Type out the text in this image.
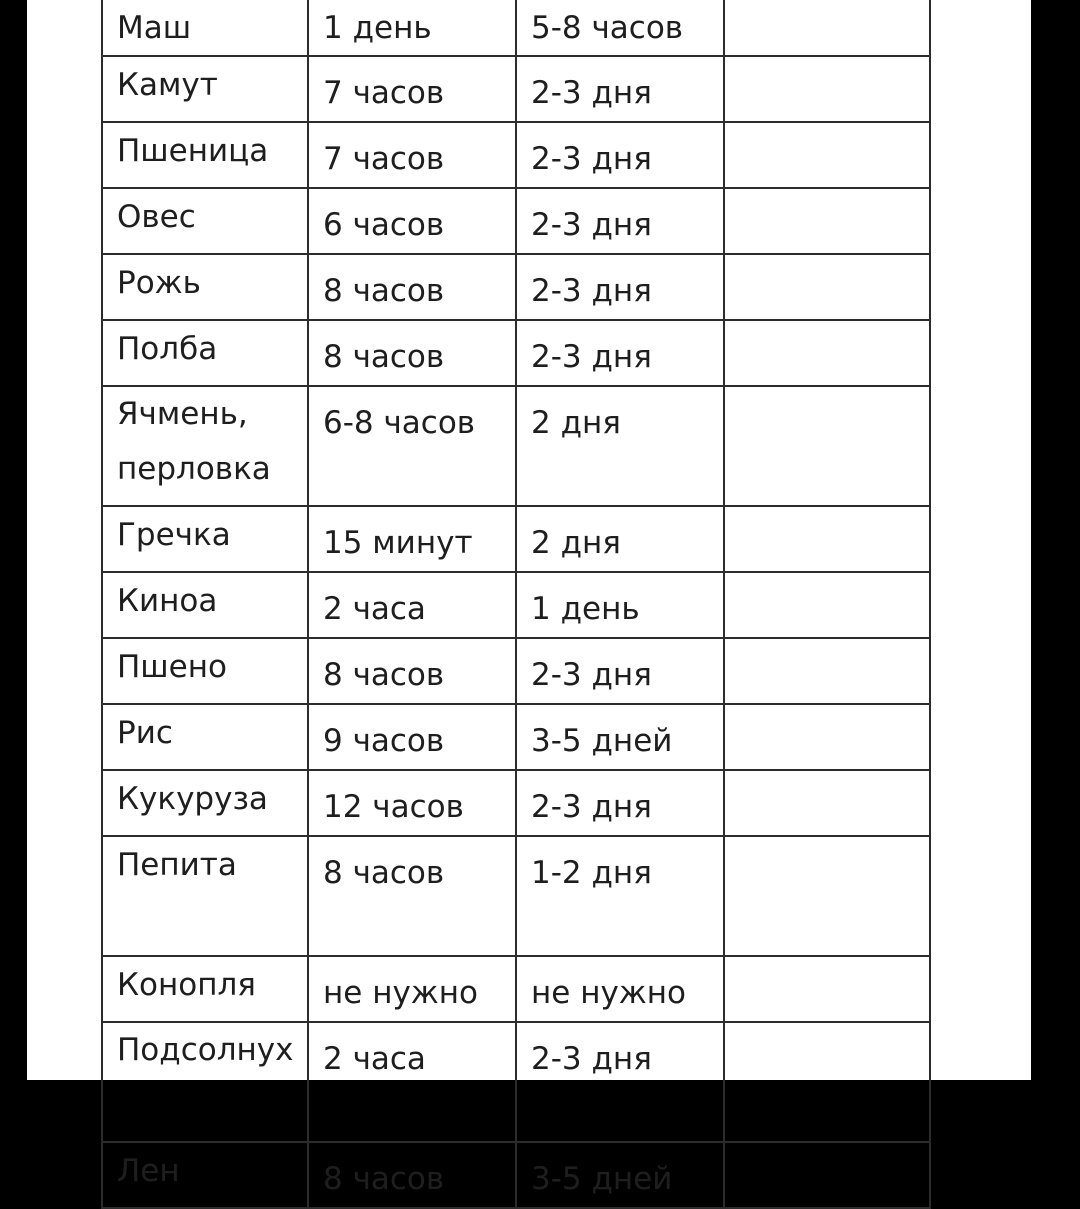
Маш	1 день	5-8 часов	
Камут	7 часов	2-3 дня	
Пшеница	7 часов	2-3 дня	
Овес	6 часов	2-3 дня	
Рожь	8 часов	2-3 дня	
Полба	8 часов	2-3 дня	
Ячмень, перловка	6-8 часов	2 дня	
Гречка	15 минут	2 дня	
Киноа	2 часа	1 день	
Пшено	8 часов	2-3 дня	
Рис	9 часов	3-5 дней	
Кукуруза	12 часов	2-3 дня	
Пепита	8 часов	1-2 дня	
Конопля	не нужно	не нужно	
Подсолнух	2 часа	2-3 дня	
Лен	8 часов	3-5 дней	
